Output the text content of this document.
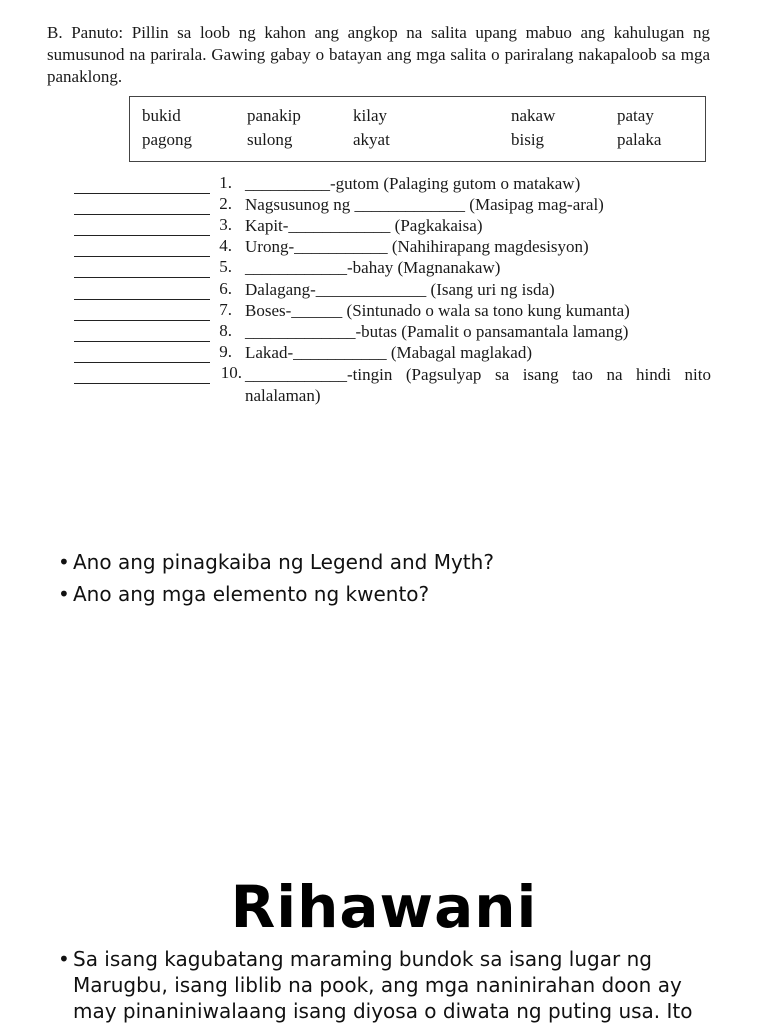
B. Panuto: Pillin sa loob ng kahon ang angkop na salita upang mabuo ang kahulugan ng sumusunod na parirala. Gawing gabay o batayan ang mga salita o pariralang nakapaloob sa mga panaklong.

bukid	panakip	kilay	nakaw	patay
pagong	sulong	akyat	bisig	palaka
1. __________-gutom (Palaging gutom o matakaw)
2. Nagsusunog ng _____________ (Masipag mag-aral)
3. Kapit-____________ (Pagkakaisa)
4. Urong-___________ (Nahihirapang magdesisyon)
5. ____________-bahay (Magnanakaw)
6. Dalagang-_____________ (Isang uri ng isda)
7. Boses-______ (Sintunado o wala sa tono kung kumanta)
8. _____________-butas (Pamalit o pansamantala lamang)
9. Lakad-___________ (Mabagal maglakad)
10. ____________-tingin (Pagsulyap sa isang tao na hindi nito nalalaman)
• Ano ang pinagkaiba ng Legend and Myth?
• Ano ang mga elemento ng kwento?
Rihawani
• Sa isang kagubatang maraming bundok sa isang lugar ng Marugbu, isang liblib na pook, ang mga naninirahan doon ay may pinaniniwalaang isang diyosa o diwata ng puting usa. Ito
